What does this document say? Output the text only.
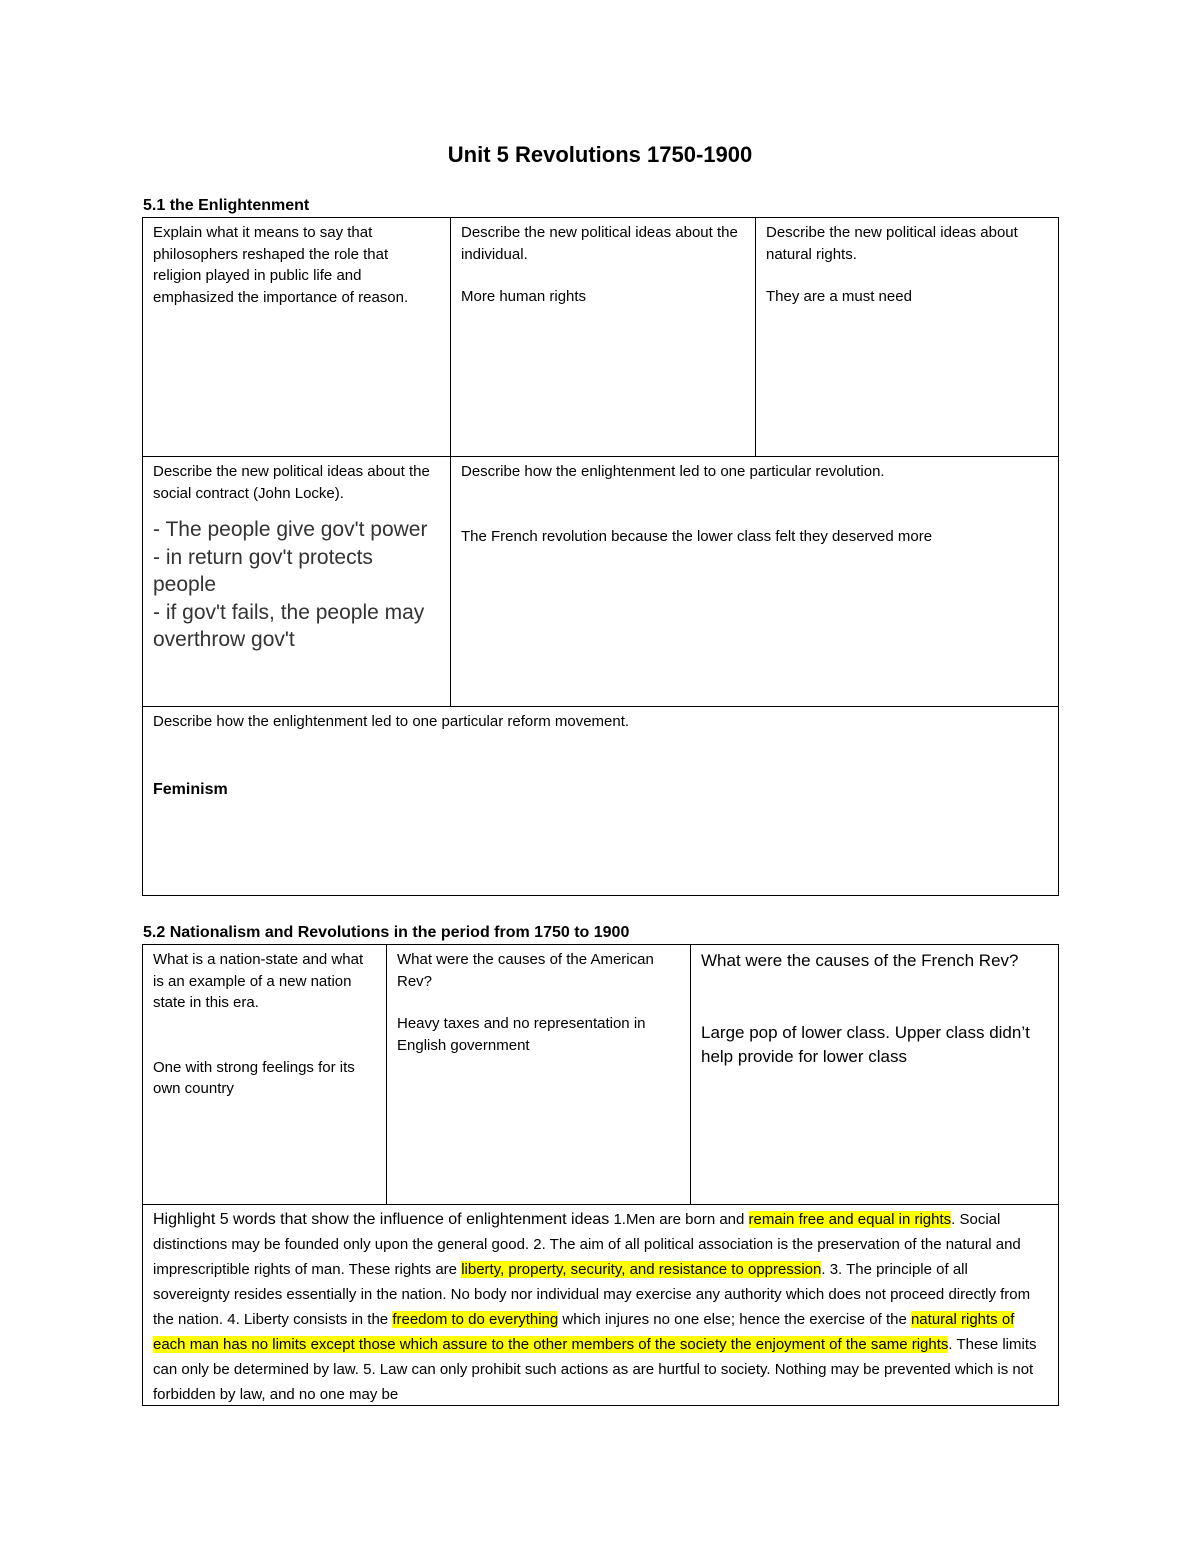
Unit 5 Revolutions 1750-1900
5.1 the Enlightenment
Explain what it means to say that philosophers reshaped the role that religion played in public life and emphasized the importance of reason.
Describe the new political ideas about the individual.
More human rights
Describe the new political ideas about natural rights.
They are a must need
Describe the new political ideas about the social contract (John Locke).
- The people give gov't power
- in return gov't protects people
- if gov't fails, the people may overthrow gov't
Describe how the enlightenment led to one particular revolution.
The French revolution because the lower class felt they deserved more
Describe how the enlightenment led to one particular reform movement.
Feminism
5.2 Nationalism and Revolutions in the period from 1750 to 1900
What is a nation-state and what is an example of a new nation state in this era.
One with strong feelings for its own country
What were the causes of the American Rev?
Heavy taxes and no representation in English government
What were the causes of the French Rev?
Large pop of lower class. Upper class didn’t help provide for lower class
Highlight 5 words that show the influence of enlightenment ideas 1.Men are born and remain free and equal in rights. Social distinctions may be founded only upon the general good. 2. The aim of all political association is the preservation of the natural and imprescriptible rights of man. These rights are liberty, property, security, and resistance to oppression. 3. The principle of all sovereignty resides essentially in the nation. No body nor individual may exercise any authority which does not proceed directly from the nation. 4. Liberty consists in the freedom to do everything which injures no one else; hence the exercise of the natural rights of each man has no limits except those which assure to the other members of the society the enjoyment of the same rights. These limits can only be determined by law. 5. Law can only prohibit such actions as are hurtful to society. Nothing may be prevented which is not forbidden by law, and no one may be
